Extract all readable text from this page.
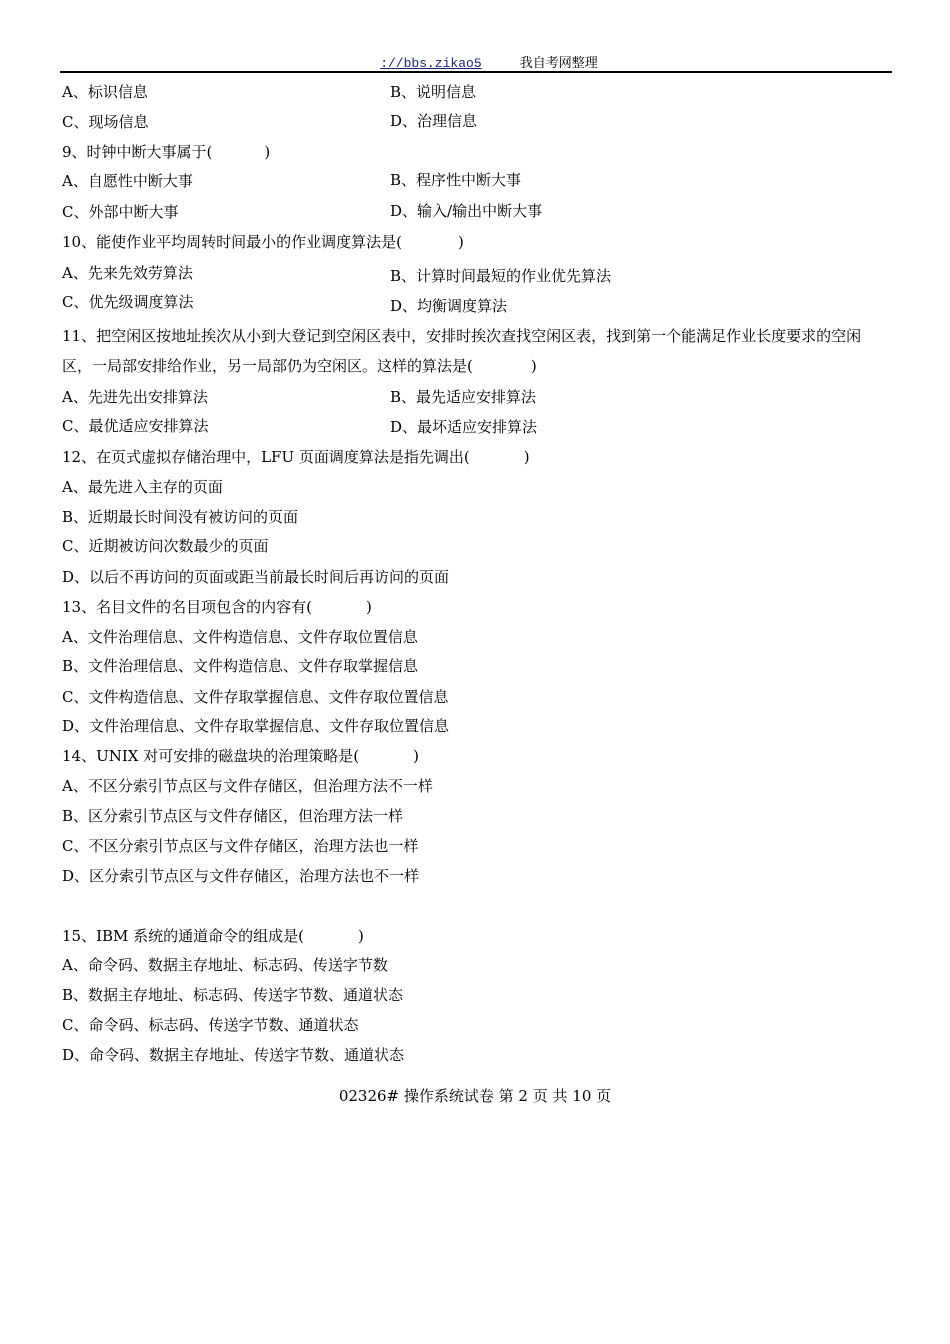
://bbs.zikao5	我自考网整理
A、标识信息	B、说明信息
C、现场信息	D、治理信息
9、时钟中断大事属于(	)
A、自愿性中断大事	B、程序性中断大事
C、外部中断大事	D、输入/输出中断大事
10、能使作业平均周转时间最小的作业调度算法是(	)
A、先来先效劳算法	B、计算时间最短的作业优先算法
C、优先级调度算法	D、均衡调度算法
11、把空闲区按地址挨次从小到大登记到空闲区表中，安排时挨次查找空闲区表，找到第一个能满足作业长度要求的空闲区，一局部安排给作业，另一局部仍为空闲区。这样的算法是(	)
A、先进先出安排算法	B、最先适应安排算法
C、最优适应安排算法	D、最坏适应安排算法
12、在页式虚拟存储治理中，LFU 页面调度算法是指先调出(	)
A、最先进入主存的页面
B、近期最长时间没有被访问的页面
C、近期被访问次数最少的页面
D、以后不再访问的页面或距当前最长时间后再访问的页面
13、名目文件的名目项包含的内容有(	)
A、文件治理信息、文件构造信息、文件存取位置信息
B、文件治理信息、文件构造信息、文件存取掌握信息
C、文件构造信息、文件存取掌握信息、文件存取位置信息
D、文件治理信息、文件存取掌握信息、文件存取位置信息
14、UNIX 对可安排的磁盘块的治理策略是(	)
A、不区分索引节点区与文件存储区，但治理方法不一样
B、区分索引节点区与文件存储区，但治理方法一样
C、不区分索引节点区与文件存储区，治理方法也一样
D、区分索引节点区与文件存储区，治理方法也不一样
15、IBM 系统的通道命令的组成是(	)
A、命令码、数据主存地址、标志码、传送字节数
B、数据主存地址、标志码、传送字节数、通道状态
C、命令码、标志码、传送字节数、通道状态
D、命令码、数据主存地址、传送字节数、通道状态
02326# 操作系统试卷 第 2 页 共 10 页
